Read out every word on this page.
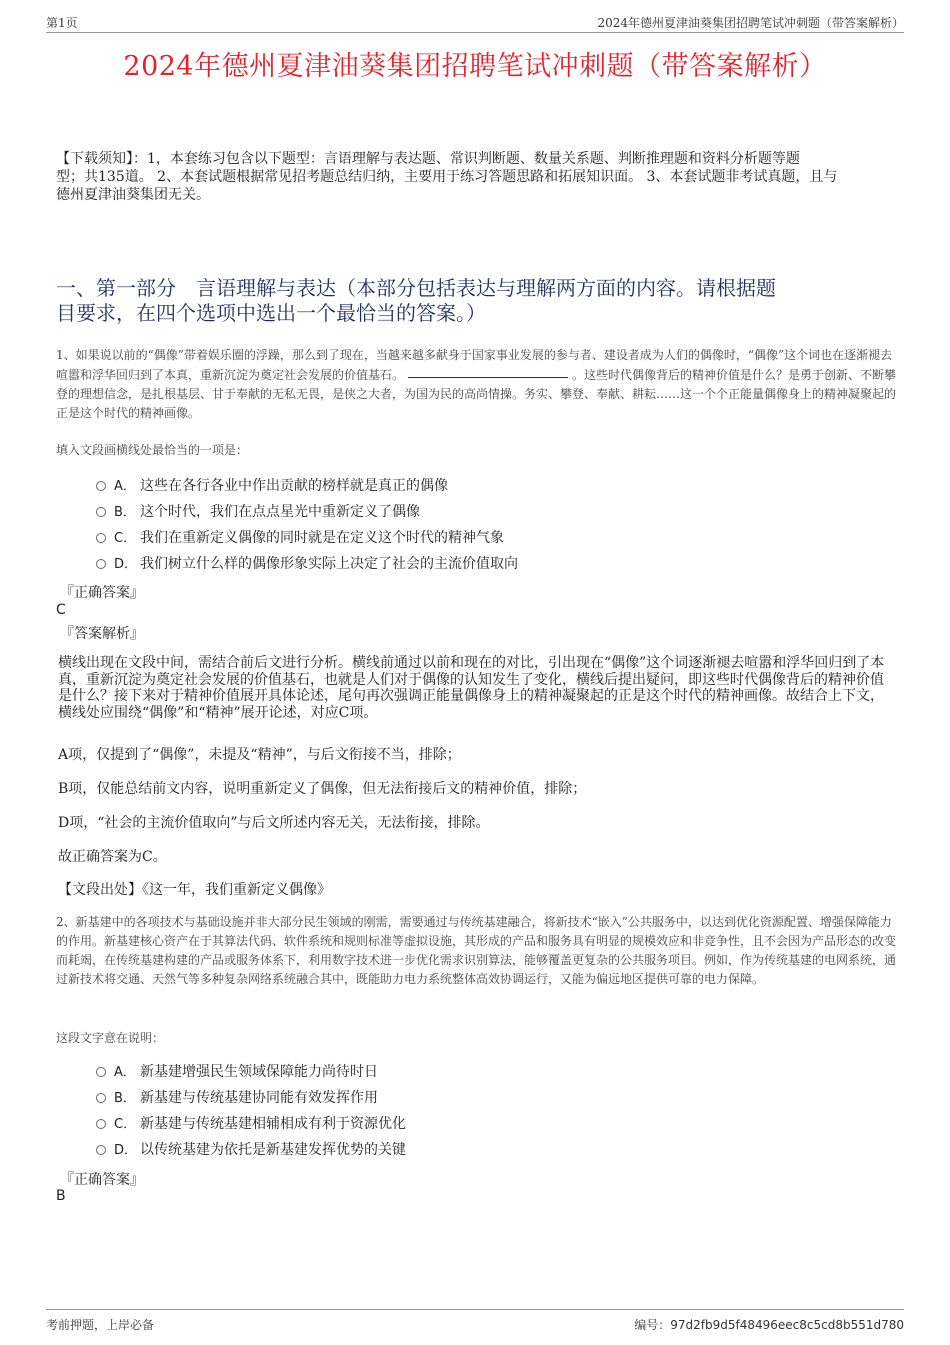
第1页	2024年德州夏津油葵集团招聘笔试冲刺题（带答案解析）
2024年德州夏津油葵集团招聘笔试冲刺题（带答案解析）
【下载须知】：1，本套练习包含以下题型：言语理解与表达题、常识判断题、数量关系题、判断推理题和资料分析题等题
型；共135道。 2、本套试题根据常见招考题总结归纳，主要用于练习答题思路和拓展知识面。 3、本套试题非考试真题，且与
德州夏津油葵集团无关。
一、第一部分　言语理解与表达（本部分包括表达与理解两方面的内容。请根据题
目要求，在四个选项中选出一个最恰当的答案。）
1、如果说以前的“偶像”带着娱乐圈的浮躁，那么到了现在，当越来越多献身于国家事业发展的参与者、建设者成为人们的偶像时，“偶像”这个词也在逐渐褪去喧嚣和浮华回归到了本真，重新沉淀为奠定社会发展的价值基石。	。这些时代偶像背后的精神价值是什么？是勇于创新、不断攀登的理想信念，是扎根基层、甘于奉献的无私无畏，是侠之大者，为国为民的高尚情操。务实、攀登、奉献、耕耘……这一个个正能量偶像身上的精神凝聚起的正是这个时代的精神画像。
填入文段画横线处最恰当的一项是：
A． 这些在各行各业中作出贡献的榜样就是真正的偶像
B． 这个时代，我们在点点星光中重新定义了偶像
C． 我们在重新定义偶像的同时就是在定义这个时代的精神气象
D． 我们树立什么样的偶像形象实际上决定了社会的主流价值取向
『正确答案』
C
『答案解析』
横线出现在文段中间，需结合前后文进行分析。横线前通过以前和现在的对比，引出现在“偶像”这个词逐渐褪去喧嚣和浮华回归到了本真，重新沉淀为奠定社会发展的价值基石，也就是人们对于偶像的认知发生了变化，横线后提出疑问，即这些时代偶像背后的精神价值是什么？接下来对于精神价值展开具体论述，尾句再次强调正能量偶像身上的精神凝聚起的正是这个时代的精神画像。故结合上下文，横线处应围绕“偶像”和“精神”展开论述，对应C项。
A项，仅提到了“偶像”，未提及“精神”，与后文衔接不当，排除；
B项，仅能总结前文内容，说明重新定义了偶像，但无法衔接后文的精神价值，排除；
D项，“社会的主流价值取向”与后文所述内容无关，无法衔接，排除。
故正确答案为C。
【文段出处】《这一年，我们重新定义偶像》
2、新基建中的各项技术与基础设施并非大部分民生领域的刚需，需要通过与传统基建融合，将新技术“嵌入”公共服务中，以达到优化资源配置、增强保障能力的作用。新基建核心资产在于其算法代码、软件系统和规则标准等虚拟设施，其形成的产品和服务具有明显的规模效应和非竞争性，且不会因为产品形态的改变而耗竭，在传统基建构建的产品或服务体系下，利用数字技术进一步优化需求识别算法，能够覆盖更复杂的公共服务项目。例如，作为传统基建的电网系统，通过新技术将交通、天然气等多种复杂网络系统融合其中，既能助力电力系统整体高效协调运行，又能为偏远地区提供可靠的电力保障。
这段文字意在说明：
A． 新基建增强民生领域保障能力尚待时日
B． 新基建与传统基建协同能有效发挥作用
C． 新基建与传统基建相辅相成有利于资源优化
D． 以传统基建为依托是新基建发挥优势的关键
『正确答案』
B
考前押题，上岸必备	编号：97d2fb9d5f48496eec8c5cd8b551d780
